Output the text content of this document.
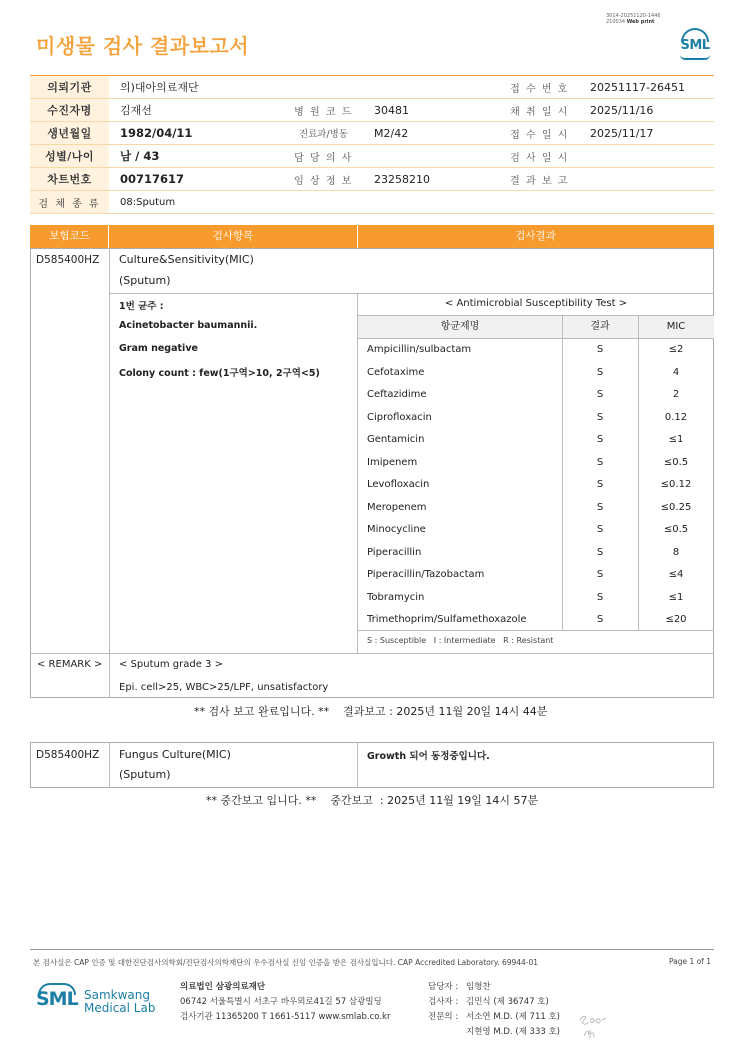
3014-20251120-1446
210034 Web print
미생물 검사 결과보고서	SML
의뢰기관	의)대아의료재단			접 수 번 호	20251117-26451
수진자명	김재선	병 원 코 드	30481	채 취 일 시	2025/11/16
생년월일	1982/04/11	진료과/병동	M2/42	접 수 일 시	2025/11/17
성별/나이	남 / 43	담 당 의 사		검 사 일 시	
차트번호	00717617	임 상 정 보	23258210	결 과 보 고	
검 체 종 류	08:Sputum				
보험코드	검사항목	검사결과
D585400HZ Culture&Sensitivity(MIC)
(Sputum)
1번 균주 :
Acinetobacter baumannii.
Gram negative
Colony count : few(1구역>10, 2구역<5)
< Antimicrobial Susceptibility Test >
항균제명	결과	MIC
Ampicillin/sulbactam	S	≤2
Cefotaxime	S	4
Ceftazidime	S	2
Ciprofloxacin	S	0.12
Gentamicin	S	≤1
Imipenem	S	≤0.5
Levofloxacin	S	≤0.12
Meropenem	S	≤0.25
Minocycline	S	≤0.5
Piperacillin	S	8
Piperacillin/Tazobactam	S	≤4
Tobramycin	S	≤1
Trimethoprim/Sulfamethoxazole	S	≤20
S : Susceptible   I : Intermediate   R : Resistant
< REMARK > < Sputum grade 3 >
Epi. cell>25, WBC>25/LPF, unsatisfactory
** 검사 보고 완료입니다. ** 결과보고 : 2025년 11월 20일 14시 44분
D585400HZ Fungus Culture(MIC)
(Sputum)
Growth 되어 동정중입니다.
** 중간보고 입니다. ** 중간보고  : 2025년 11월 19일 14시 57분
본 검사실은 CAP 인증 및 대한진단검사의학회/진단검사의학재단의 우수검사실 신임 인증을 받은 검사실입니다. CAP Accredited Laboratory. 69944-01	Page 1 of 1
SML Samkwang
Medical Lab
의료법인 삼광의료재단
06742 서울특별시 서초구 바우뫼로41길 57 삼광빌딩
검사기관 11365200 T 1661-5117 www.smlab.co.kr
담당자 : 임형찬
검사자 : 김민식 (제 36747 호)
전문의 : 서소연 M.D. (제 711 호)
지현영 M.D. (제 333 호)
